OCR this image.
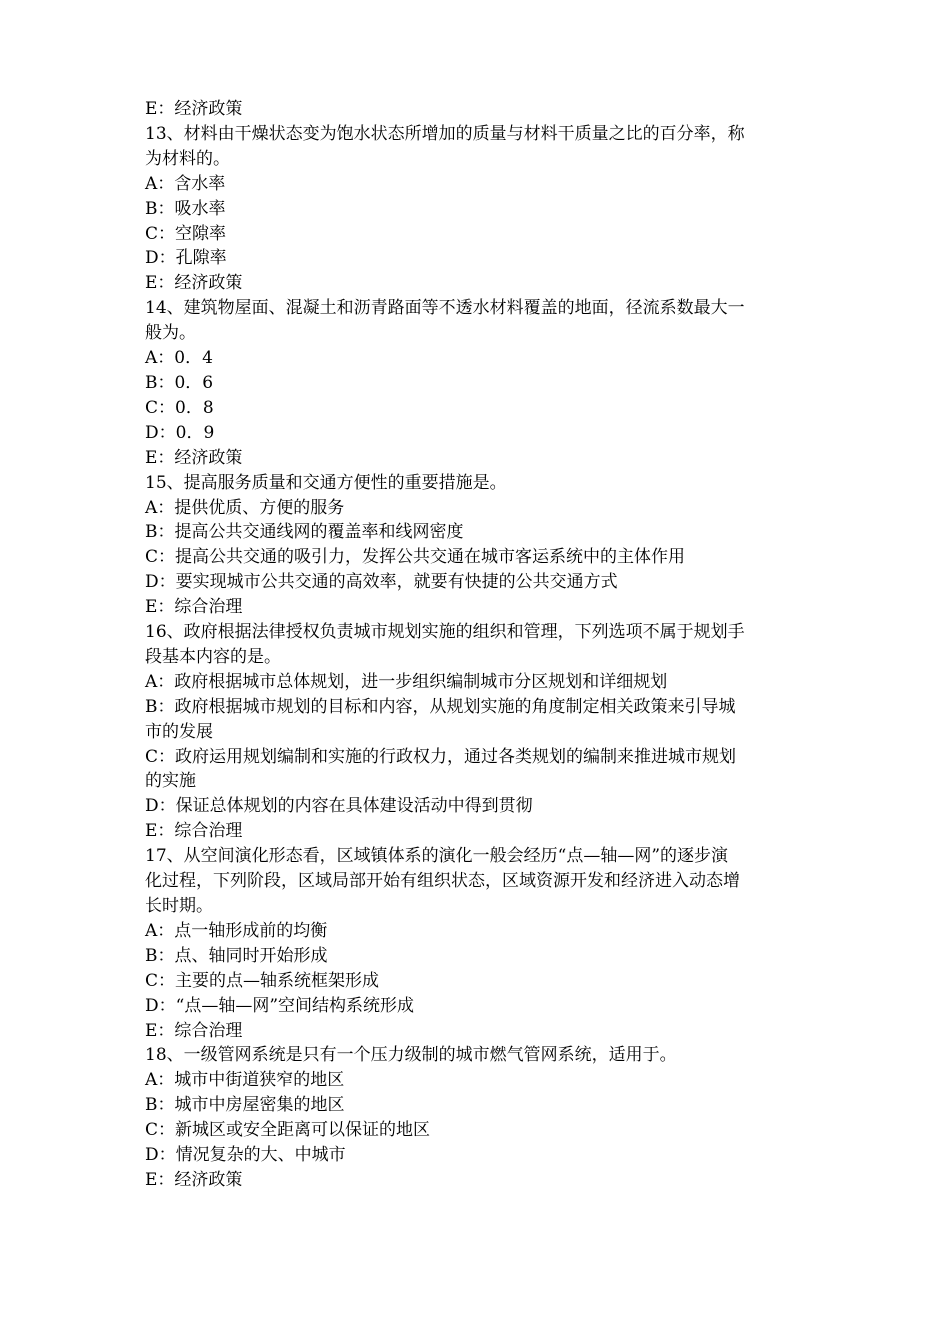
E：经济政策
13、材料由干燥状态变为饱水状态所增加的质量与材料干质量之比的百分率，称
为材料的。
A：含水率
B：吸水率
C：空隙率
D：孔隙率
E：经济政策
14、建筑物屋面、混凝土和沥青路面等不透水材料覆盖的地面，径流系数最大一
般为。
A：0．4
B：0．6
C：0．8
D：0．9
E：经济政策
15、提高服务质量和交通方便性的重要措施是。
A：提供优质、方便的服务
B：提高公共交通线网的覆盖率和线网密度
C：提高公共交通的吸引力，发挥公共交通在城市客运系统中的主体作用
D：要实现城市公共交通的高效率，就要有快捷的公共交通方式
E：综合治理
16、政府根据法律授权负责城市规划实施的组织和管理，下列选项不属于规划手
段基本内容的是。
A：政府根据城市总体规划，进一步组织编制城市分区规划和详细规划
B：政府根据城市规划的目标和内容，从规划实施的角度制定相关政策来引导城
市的发展
C：政府运用规划编制和实施的行政权力，通过各类规划的编制来推进城市规划
的实施
D：保证总体规划的内容在具体建设活动中得到贯彻
E：综合治理
17、从空间演化形态看，区域镇体系的演化一般会经历“点—轴—网”的逐步演
化过程，下列阶段，区域局部开始有组织状态，区域资源开发和经济进入动态增
长时期。
A：点一轴形成前的均衡
B：点、轴同时开始形成
C：主要的点—轴系统框架形成
D：“点—轴—网”空间结构系统形成
E：综合治理
18、一级管网系统是只有一个压力级制的城市燃气管网系统，适用于。
A：城市中街道狭窄的地区
B：城市中房屋密集的地区
C：新城区或安全距离可以保证的地区
D：情况复杂的大、中城市
E：经济政策
